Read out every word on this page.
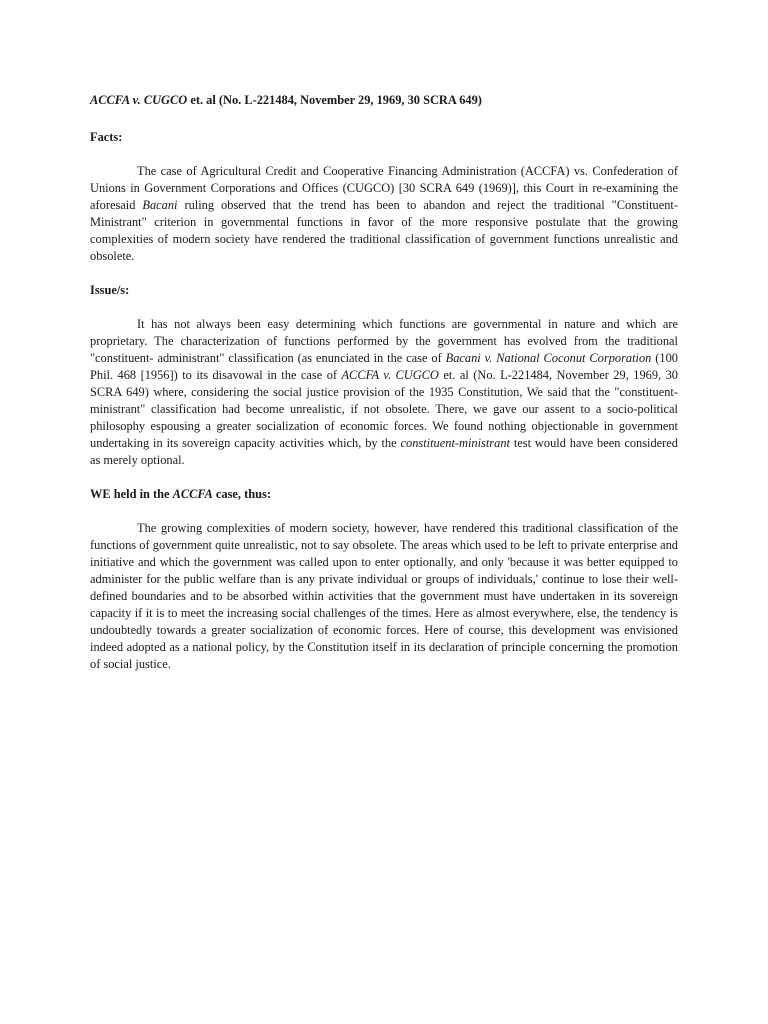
ACCFA v. CUGCO et. al (No. L-221484, November 29, 1969, 30 SCRA 649)

Facts:

The case of Agricultural Credit and Cooperative Financing Administration (ACCFA) vs. Confederation of Unions in Government Corporations and Offices (CUGCO) [30 SCRA 649 (1969)], this Court in re-examining the aforesaid Bacani ruling observed that the trend has been to abandon and reject the traditional "Constituent- Ministrant" criterion in governmental functions in favor of the more responsive postulate that the growing complexities of modern society have rendered the traditional classification of government functions unrealistic and obsolete.

Issue/s:

It has not always been easy determining which functions are governmental in nature and which are proprietary. The characterization of functions performed by the government has evolved from the traditional "constituent- administrant" classification (as enunciated in the case of Bacani v. National Coconut Corporation (100 Phil. 468 [1956]) to its disavowal in the case of ACCFA v. CUGCO et. al (No. L-221484, November 29, 1969, 30 SCRA 649) where, considering the social justice provision of the 1935 Constitution, We said that the "constituent-ministrant" classification had become unrealistic, if not obsolete. There, we gave our assent to a socio-political philosophy espousing a greater socialization of economic forces. We found nothing objectionable in government undertaking in its sovereign capacity activities which, by the constituent-ministrant test would have been considered as merely optional.

WE held in the ACCFA case, thus:

The growing complexities of modern society, however, have rendered this traditional classification of the functions of government quite unrealistic, not to say obsolete. The areas which used to be left to private enterprise and initiative and which the government was called upon to enter optionally, and only 'because it was better equipped to administer for the public welfare than is any private individual or groups of individuals,' continue to lose their well-defined boundaries and to be absorbed within activities that the government must have undertaken in its sovereign capacity if it is to meet the increasing social challenges of the times. Here as almost everywhere, else, the tendency is undoubtedly towards a greater socialization of economic forces. Here of course, this development was envisioned indeed adopted as a national policy, by the Constitution itself in its declaration of principle concerning the promotion of social justice.
